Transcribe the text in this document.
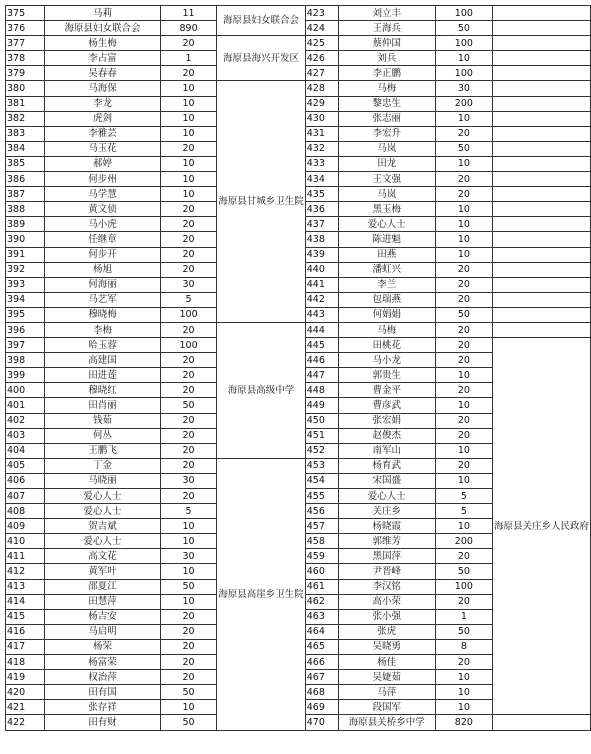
375	马莉	11	海原县妇女联合会	423	刘立丰	100	
376	海原县妇女联合会	890		424	王海兵	50	
377	杨生梅	20	海原县海兴开发区	425	蔡仲国	100	
378	李占富	1		426	刘兵	10	
379	吴春春	20		427	李正鹏	100	
380	马海保	10	海原县甘城乡卫生院	428	马梅	30	
381	李龙	10		429	黎忠生	200	
382	虎剑	10		430	张志丽	10	
383	李雅芸	10		431	李宏升	20	
384	马玉花	20		432	马岚	50	
385	郝婷	10		433	田龙	10	
386	何步州	10		434	王文强	20	
387	马学慧	10		435	马岚	20	
388	黄文侦	20		436	黑玉梅	10	
389	马小虎	20		437	爱心人士	10	
390	任继章	20		438	陈进魁	10	
391	何步开	20		439	田燕	10	
392	杨旭	20		440	潘虹兴	20	
393	何海丽	30		441	李兰	20	
394	马艺军	5		442	包瑞燕	20	
395	穆晓梅	100		443	何娟娟	50	
396	李梅	20	海原县高级中学	444	马梅	20	
397	哈玉蓉	100		445	田桃花	20	海原县关庄乡人民政府
398	高建国	20		446	马小龙	20	
399	田进莲	20		447	郭贵生	10	
400	穆晓红	20		448	曹金平	20	
401	田肖丽	50		449	曹彦武	10	
402	钱茹	20		450	张宏娟	20	
403	何丛	20		451	赵俊杰	20	
404	王鹏飞	20		452	南军山	10	
405	丁金	20	海原县高崖乡卫生院	453	杨育武	20	
406	马晓丽	30		454	宋国盛	10	
407	爱心人士	20		455	爱心人士	5	
408	爱心人士	5		456	关庄乡	5	
409	贺吉斌	10		457	杨晓霞	10	
410	爱心人士	10		458	郭维芳	200	
411	高文花	30		459	黑国萍	20	
412	黄军叶	10		460	尹晋峰	50	
413	邵夏江	50		461	李汉铭	100	
414	田慧萍	10		462	高小荣	20	
415	杨吉安	20		463	张小强	1	
416	马启明	20		464	张虎	50	
417	杨荣	20		465	吴晓勇	8	
418	杨富荣	20		466	杨佳	20	
419	权治萍	20		467	吴婕茹	10	
420	田有国	50		468	马萍	10	
421	张存祥	10		469	段国军	10	
422	田有财	50		470	海原县关桥乡中学	820	
